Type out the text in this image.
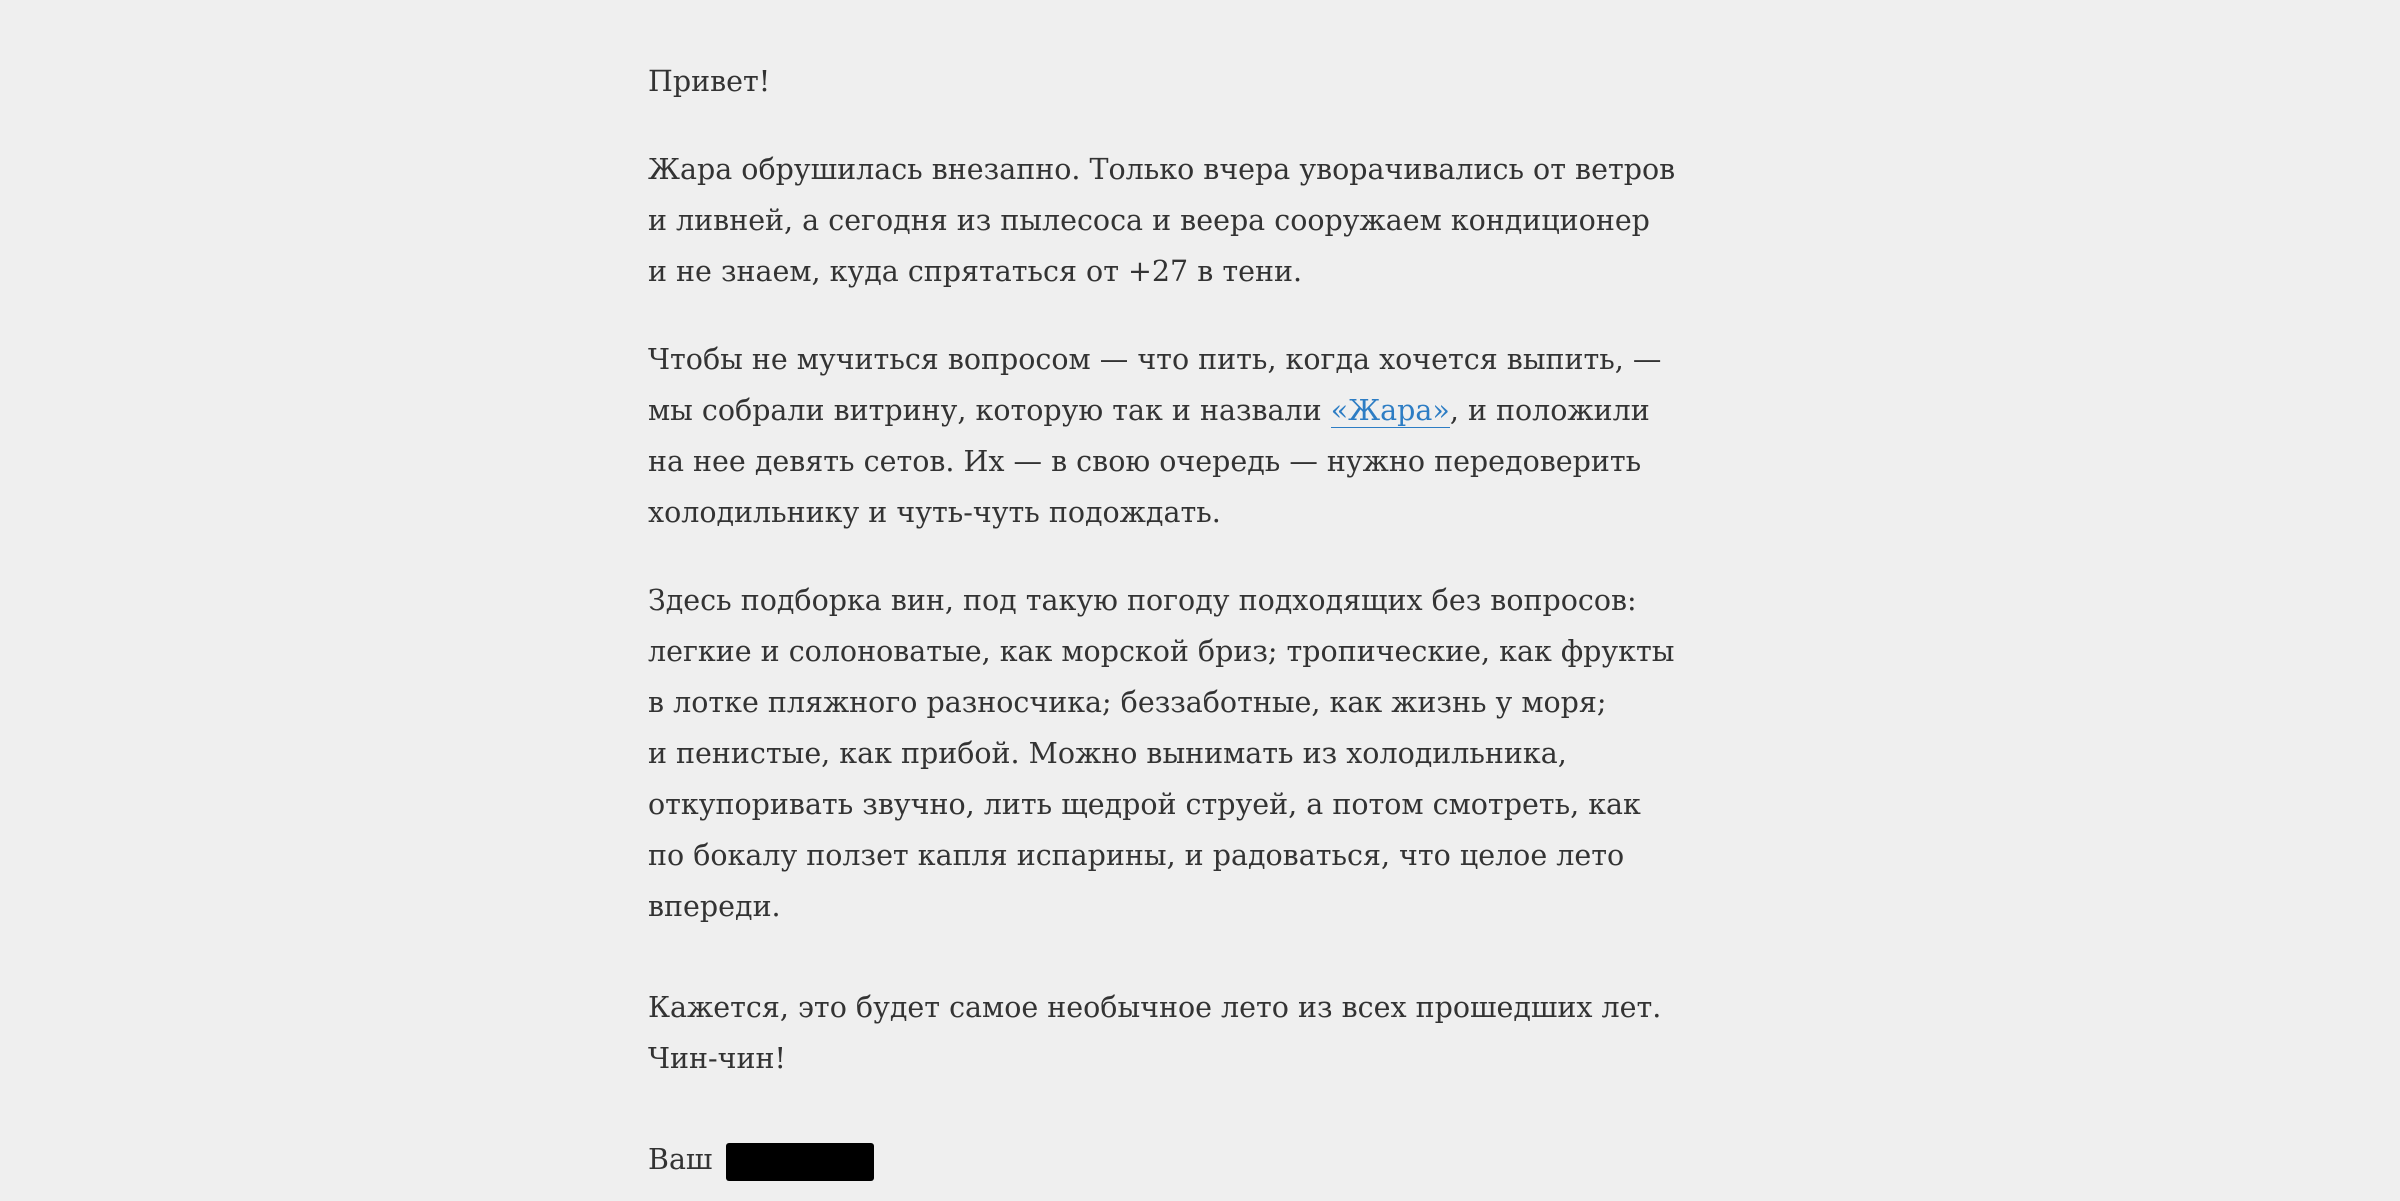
Привет!

Жара обрушилась внезапно. Только вчера уворачивались от ветров
и ливней, а сегодня из пылесоса и веера сооружаем кондиционер
и не знаем, куда спрятаться от +27 в тени.

Чтобы не мучиться вопросом — что пить, когда хочется выпить, —
мы собрали витрину, которую так и назвали «Жара», и положили
на нее девять сетов. Их — в свою очередь — нужно передоверить
холодильнику и чуть-чуть подождать.

Здесь подборка вин, под такую погоду подходящих без вопросов:
легкие и солоноватые, как морской бриз; тропические, как фрукты
в лотке пляжного разносчика; беззаботные, как жизнь у моря;
и пенистые, как прибой. Можно вынимать из холодильника,
откупоривать звучно, лить щедрой струей, а потом смотреть, как
по бокалу ползет капля испарины, и радоваться, что целое лето
впереди.

Кажется, это будет самое необычное лето из всех прошедших лет.
Чин-чин!

Ваш
